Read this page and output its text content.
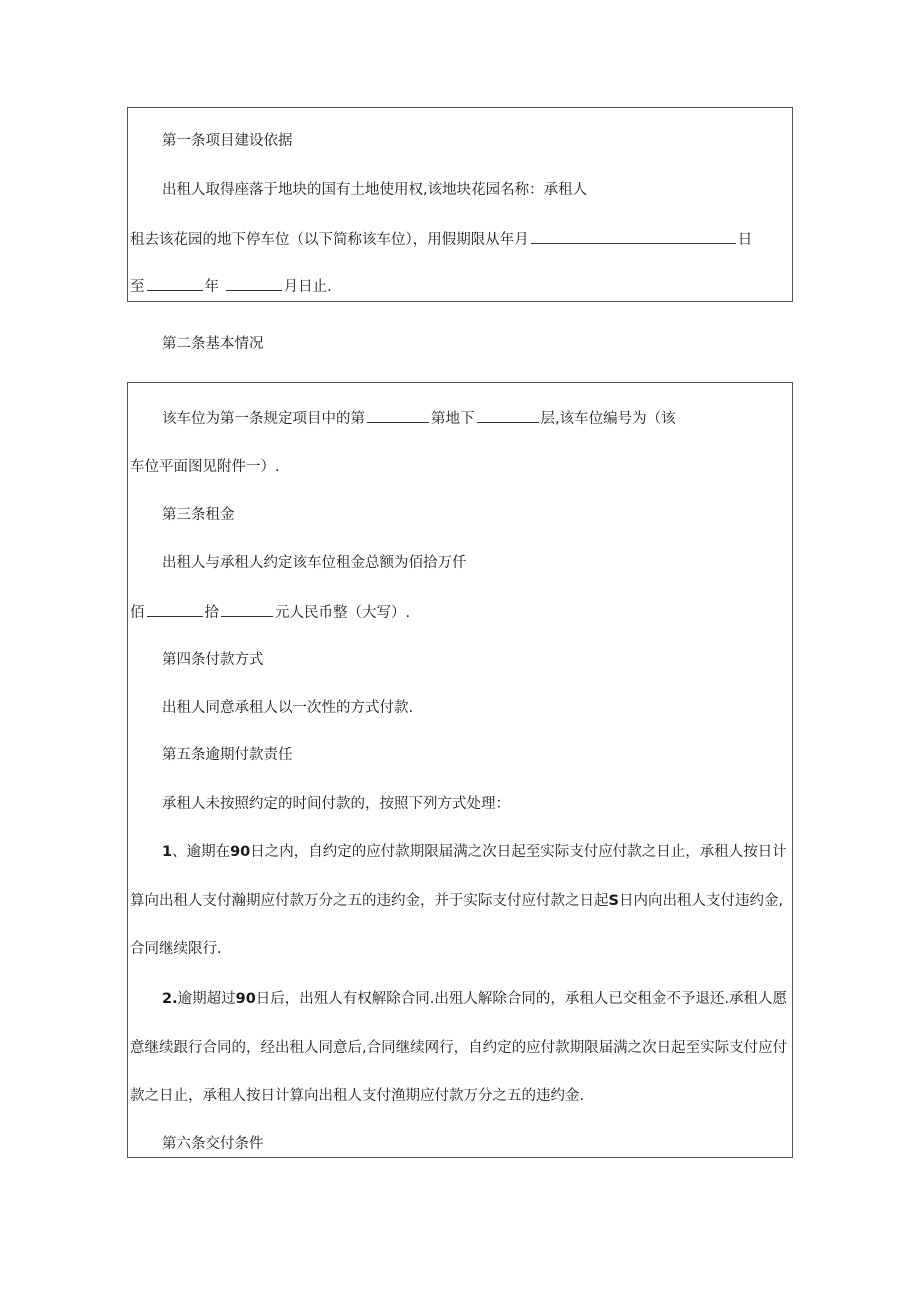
第一条项目建设依据
出租人取得座落于地块的国有土地使用权,该地块花园名称：承租人
租去该花园的地下停车位（以下简称该车位），用假期限从年月	日
至	年	月日止.
第二条基本情况
该车位为第一条规定项目中的第	第地下	层,该车位编号为（该
车位平面图见附件一）.
第三条租金
出租人与承租人约定该车位租金总额为佰拾万仟
佰	拾	元人民币整（大写）.
第四条付款方式
出租人同意承租人以一次性的方式付款.
第五条逾期付款责任
承租人未按照约定的时间付款的，按照下列方式处理：
1、逾期在90日之内，自约定的应付款期限届满之次日起至实际支付应付款之日止，承租人按日计
算向出租人支付瀚期应付款万分之五的违约金，并于实际支付应付款之日起S日内向出租人支付违约金,
合同继续限行.
2.逾期超过90日后，出殂人有权解除合同.出殂人解除合同的，承租人已交租金不予退还.承租人愿
意继续跟行合同的，经出租人同意后,合同继续网行，自约定的应付款期限届满之次日起至实际支付应付
款之日止，承租人按日计算向出租人支付渔期应付款万分之五的违约金.
第六条交付条件
